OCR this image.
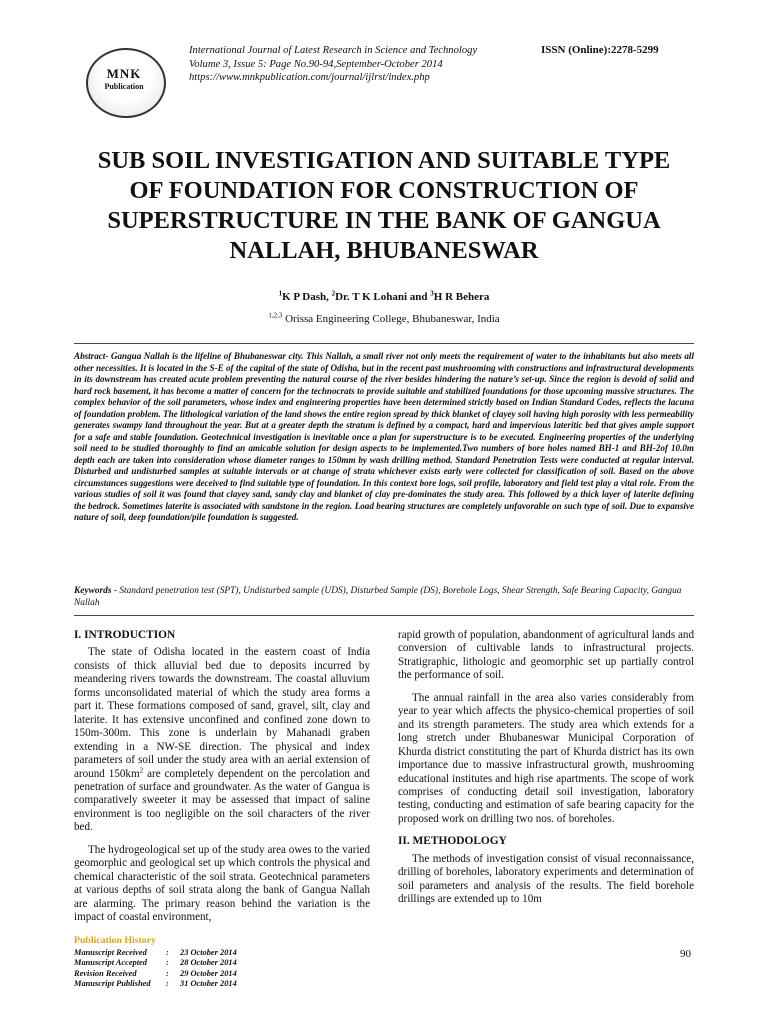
MNK
Publication
International Journal of Latest Research in Science and Technology
Volume 3, Issue 5: Page No.90-94,September-October 2014
https://www.mnkpublication.com/journal/ijlrst/index.php
ISSN (Online):2278-5299
SUB SOIL INVESTIGATION AND SUITABLE TYPE
OF FOUNDATION FOR CONSTRUCTION OF
SUPERSTRUCTURE IN THE BANK OF GANGUA
NALLAH, BHUBANESWAR
$^1$K P Dash, $^2$Dr. T K Lohani and $^3$H R Behera
$^{1,2,3}$ Orissa Engineering College, Bhubaneswar, India
Abstract- Gangua Nallah is the lifeline of Bhubaneswar city. This Nallah, a small river not only meets the requirement of water to the inhabitants but also meets all other necessities. It is located in the S-E of the capital of the state of Odisha, but in the recent past mushrooming with constructions and infrastructural developments in its downstream has created acute problem preventing the natural course of the river besides hindering the nature’s set-up. Since the region is devoid of solid and hard rock basement, it has become a matter of concern for the technocrats to provide suitable and stabilized foundations for those upcoming massive structures. The complex behavior of the soil parameters, whose index and engineering properties have been determined strictly based on Indian Standard Codes, reflects the lacuna of foundation problem. The lithological variation of the land shows the entire region spread by thick blanket of clayey soil having high porosity with less permeability generates swampy land throughout the year. But at a greater depth the stratum is defined by a compact, hard and impervious lateritic bed that gives ample support for a safe and stable foundation. Geotechnical investigation is inevitable once a plan for superstructure is to be executed. Engineering properties of the underlying soil need to be studied thoroughly to find an amicable solution for design aspects to be implemented.Two numbers of bore holes named BH-1 and BH-2of 10.0m depth each are taken into consideration whose diameter ranges to 150mm by wash drilling method. Standard Penetration Tests were conducted at regular interval. Disturbed and undisturbed samples at suitable intervals or at change of strata whichever exists early were collected for classification of soil. Based on the above circumstances suggestions were deceived to find suitable type of foundation. In this context bore logs, soil profile, laboratory and field test play a vital role. From the various studies of soil it was found that clayey sand, sandy clay and blanket of clay pre-dominates the study area. This followed by a thick layer of laterite defining the bedrock. Sometimes laterite is associated with sandstone in the region. Load bearing structures are completely unfavorable on such type of soil. Due to expansive nature of soil, deep foundation/pile foundation is suggested.
Keywords - Standard penetration test (SPT), Undisturbed sample (UDS), Disturbed Sample (DS), Borehole Logs, Shear Strength, Safe Bearing Capacity, Gangua Nallah
I. INTRODUCTION

The state of Odisha located in the eastern coast of India consists of thick alluvial bed due to deposits incurred by meandering rivers towards the downstream. The coastal alluvium forms unconsolidated material of which the study area forms a part it. These formations composed of sand, gravel, silt, clay and laterite. It has extensive unconfined and confined zone down to 150m-300m. This zone is underlain by Mahanadi graben extending in a NW-SE direction. The physical and index parameters of soil under the study area with an aerial extension of around $150km^2$ are completely dependent on the percolation and penetration of surface and groundwater. As the water of Gangua is comparatively sweeter it may be assessed that impact of saline environment is too negligible on the soil characters of the river bed.

The hydrogeological set up of the study area owes to the varied geomorphic and geological set up which controls the physical and chemical characteristic of the soil strata. Geotechnical parameters at various depths of soil strata along the bank of Gangua Nallah are alarming. The primary reason behind the variation is the impact of coastal environment,

rapid growth of population, abandonment of agricultural lands and conversion of cultivable lands to infrastructural projects. Stratigraphic, lithologic and geomorphic set up partially control the performance of soil.

The annual rainfall in the area also varies considerably from year to year which affects the physico-chemical properties of soil and its strength parameters. The study area which extends for a long stretch under Bhubaneswar Municipal Corporation of Khurda district constituting the part of Khurda district has its own importance due to massive infrastructural growth, mushrooming educational institutes and high rise apartments. The scope of work comprises of conducting detail soil investigation, laboratory testing, conducting and estimation of safe bearing capacity for the proposed work on drilling two nos. of boreholes.

II. METHODOLOGY

The methods of investigation consist of visual reconnaissance, drilling of boreholes, laboratory experiments and determination of soil parameters and analysis of the results. The field borehole drillings are extended up to 10m

Publication History
Manuscript Received	:	23 October 2014
Manuscript Accepted	:	28 October 2014
Revision Received	:	29 October 2014
Manuscript Published	:	31 October 2014
90
